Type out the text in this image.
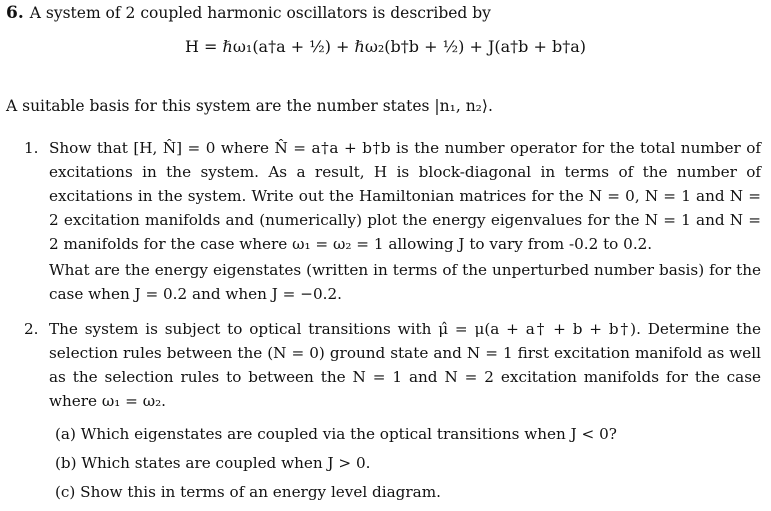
6. A system of 2 coupled harmonic oscillators is described by
H = ℏω₁(a†a + ½) + ℏω₂(b†b + ½) + J(a†b + b†a)
A suitable basis for this system are the number states |n₁, n₂⟩.
1. Show that [H, N̂] = 0 where N̂ = a†a + b†b is the number operator for the total number of excitations in the system. As a result, H is block-diagonal in terms of the number of excitations in the system. Write out the Hamiltonian matrices for the N = 0, N = 1 and N = 2 excitation manifolds and (numerically) plot the energy eigenvalues for the N = 1 and N = 2 manifolds for the case where ω₁ = ω₂ = 1 allowing J to vary from -0.2 to 0.2.
What are the energy eigenstates (written in terms of the unperturbed number basis) for the case when J = 0.2 and when J = −0.2.
2. The system is subject to optical transitions with μ̂ = μ(a + a† + b + b†). Determine the selection rules between the (N = 0) ground state and N = 1 first excitation manifold as well as the selection rules to between the N = 1 and N = 2 excitation manifolds for the case where ω₁ = ω₂.
(a) Which eigenstates are coupled via the optical transitions when J < 0?
(b) Which states are coupled when J > 0.
(c) Show this in terms of an energy level diagram.
